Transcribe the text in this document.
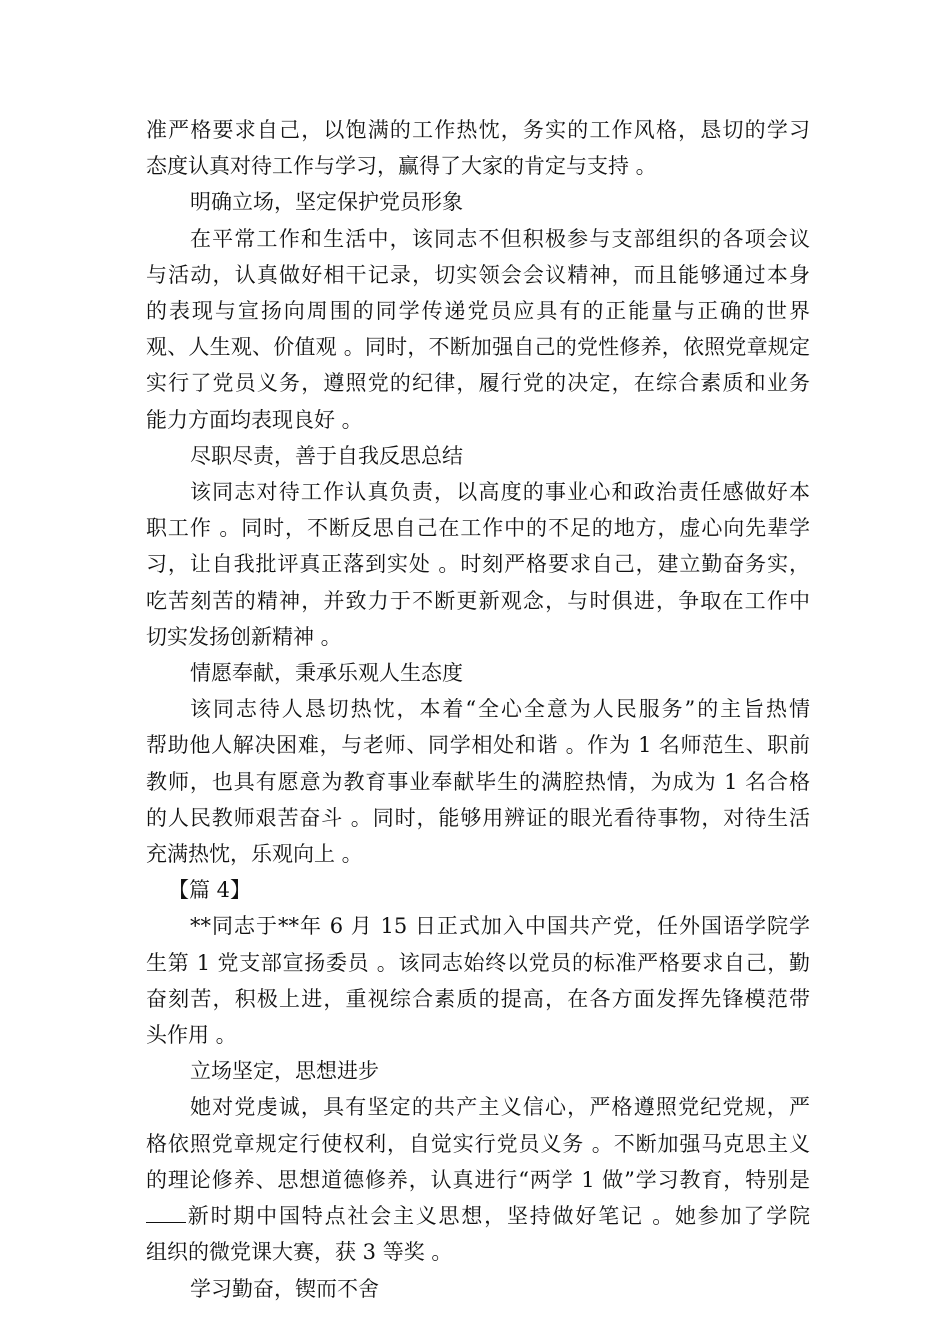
准严格要求自己，以饱满的工作热忱，务实的工作风格，恳切的学习
态度认真对待工作与学习，赢得了大家的肯定与支持 。
明确立场，坚定保护党员形象
在平常工作和生活中，该同志不但积极参与支部组织的各项会议
与活动，认真做好相干记录，切实领会会议精神，而且能够通过本身
的表现与宣扬向周围的同学传递党员应具有的正能量与正确的世界
观、人生观、价值观 。同时，不断加强自己的党性修养，依照党章规定
实行了党员义务，遵照党的纪律，履行党的决定，在综合素质和业务
能力方面均表现良好 。
尽职尽责，善于自我反思总结
该同志对待工作认真负责，以高度的事业心和政治责任感做好本
职工作 。同时，不断反思自己在工作中的不足的地方，虚心向先辈学
习，让自我批评真正落到实处 。时刻严格要求自己，建立勤奋务实，
吃苦刻苦的精神，并致力于不断更新观念，与时俱进，争取在工作中
切实发扬创新精神 。
情愿奉献，秉承乐观人生态度
该同志待人恳切热忱，本着“全心全意为人民服务”的主旨热情
帮助他人解决困难，与老师、同学相处和谐 。作为 1 名师范生、职前
教师，也具有愿意为教育事业奉献毕生的满腔热情，为成为 1 名合格
的人民教师艰苦奋斗 。同时，能够用辨证的眼光看待事物，对待生活
充满热忱，乐观向上 。
【篇 4】
**同志于**年 6 月 15 日正式加入中国共产党，任外国语学院学
生第 1 党支部宣扬委员 。该同志始终以党员的标准严格要求自己，勤
奋刻苦，积极上进，重视综合素质的提高，在各方面发挥先锋模范带
头作用 。
立场坚定，思想进步
她对党虔诚，具有坚定的共产主义信心，严格遵照党纪党规，严
格依照党章规定行使权利，自觉实行党员义务 。不断加强马克思主义
的理论修养、思想道德修养，认真进行“两学 1 做”学习教育，特别是
新时期中国特点社会主义思想，坚持做好笔记 。她参加了学院
组织的微党课大赛，获 3 等奖 。
学习勤奋，锲而不舍
